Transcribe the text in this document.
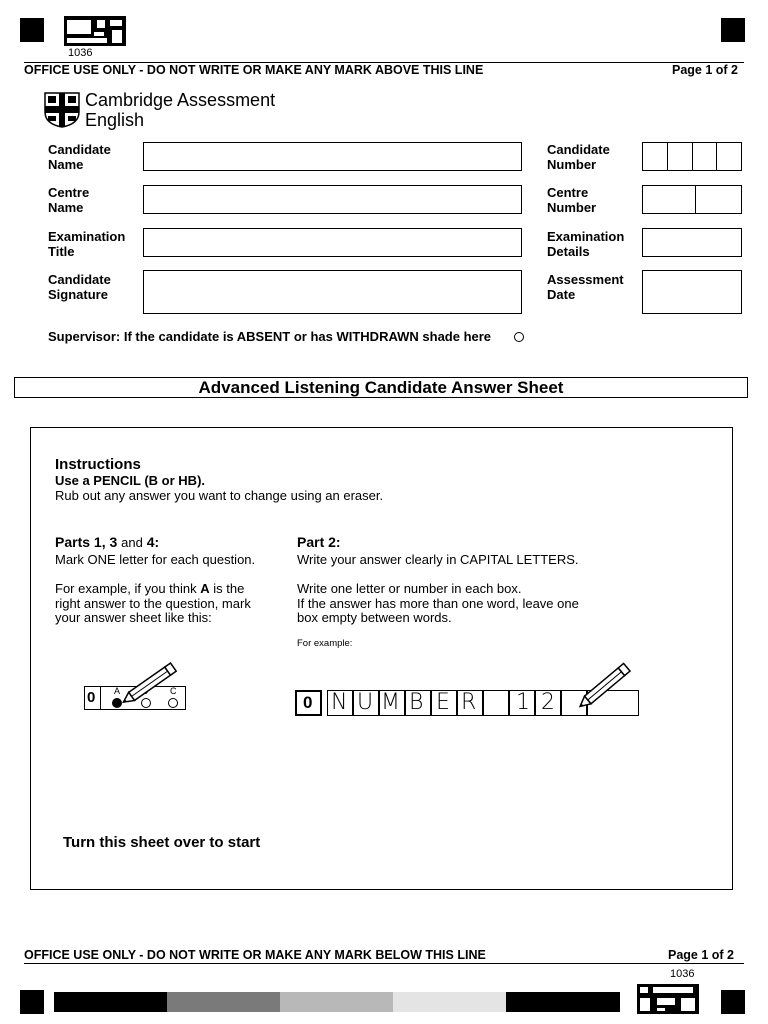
1036
OFFICE USE ONLY - DO NOT WRITE OR MAKE ANY MARK ABOVE THIS LINE	Page 1 of 2
Cambridge Assessment
English
Candidate
Name
Centre
Name
Examination
Title
Candidate
Signature
Candidate
Number
Centre
Number
Examination
Details
Assessment
Date
Supervisor: If the candidate is ABSENT or has WITHDRAWN shade here
Advanced Listening Candidate Answer Sheet
Instructions
Use a PENCIL (B or HB).
Rub out any answer you want to change using an eraser.
Parts 1, 3 and 4:
Mark ONE letter for each question.
For example, if you think A is the
right answer to the question, mark
your answer sheet like this:
0 A	C
Part 2:
Write your answer clearly in CAPITAL LETTERS.
Write one letter or number in each box.
If the answer has more than one word, leave one
box empty between words.
For example:
0 N U M B E R 1 2
Turn this sheet over to start
OFFICE USE ONLY - DO NOT WRITE OR MAKE ANY MARK BELOW THIS LINE	Page 1 of 2
1036
